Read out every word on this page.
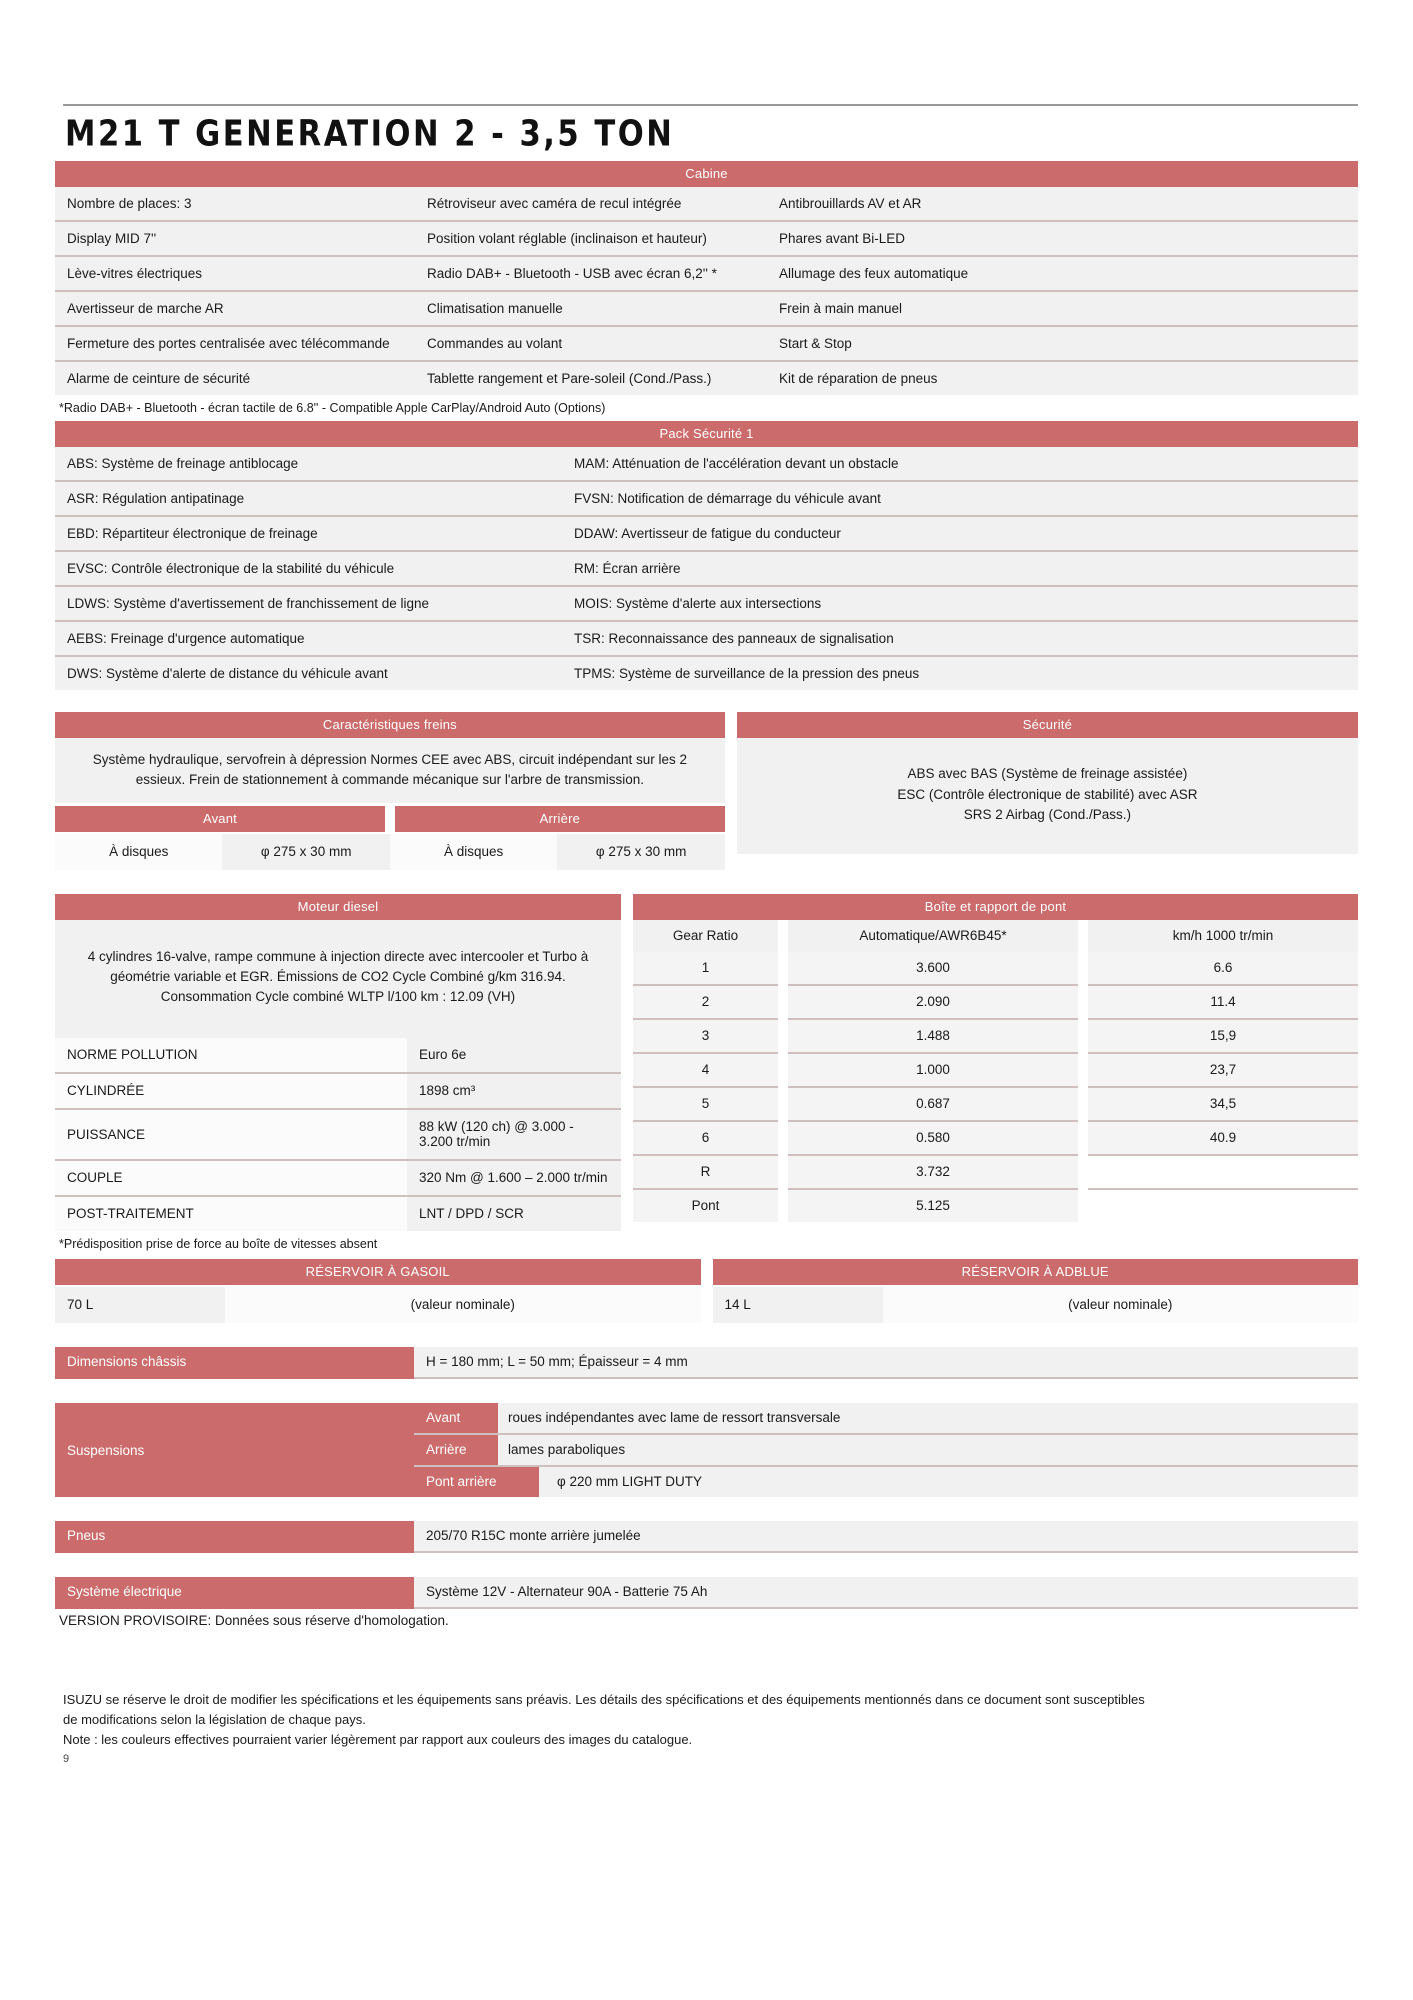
M21 T GENERATION 2 - 3,5 TON
Cabine
Nombre de places: 3	Rétroviseur avec caméra de recul intégrée	Antibrouillards AV et AR
Display MID 7''	Position volant réglable (inclinaison et hauteur)	Phares avant Bi-LED
Lève-vitres électriques	Radio DAB+ - Bluetooth - USB avec écran 6,2'' *	Allumage des feux automatique
Avertisseur de marche AR	Climatisation manuelle	Frein à main manuel
Fermeture des portes centralisée avec télécommande	Commandes au volant	Start & Stop
Alarme de ceinture de sécurité	Tablette rangement et Pare-soleil (Cond./Pass.)	Kit de réparation de pneus
*Radio DAB+ - Bluetooth - écran tactile de 6.8'' - Compatible Apple CarPlay/Android Auto (Options)
Pack Sécurité 1
ABS: Système de freinage antiblocage	MAM: Atténuation de l'accélération devant un obstacle
ASR: Régulation antipatinage	FVSN: Notification de démarrage du véhicule avant
EBD: Répartiteur électronique de freinage	DDAW: Avertisseur de fatigue du conducteur
EVSC: Contrôle électronique de la stabilité du véhicule	RM: Écran arrière
LDWS: Système d'avertissement de franchissement de ligne	MOIS: Système d'alerte aux intersections
AEBS: Freinage d'urgence automatique	TSR: Reconnaissance des panneaux de signalisation
DWS: Système d'alerte de distance du véhicule avant	TPMS: Système de surveillance de la pression des pneus
Caractéristiques freins
Système hydraulique, servofrein à dépression Normes CEE avec ABS, circuit indépendant sur les 2 essieux. Frein de stationnement à commande mécanique sur l'arbre de transmission.
Avant	Arrière
À disques	φ 275 x 30 mm	À disques	φ 275 x 30 mm
Sécurité
ABS avec BAS (Système de freinage assistée)
ESC (Contrôle électronique de stabilité) avec ASR
SRS 2 Airbag (Cond./Pass.)
Moteur diesel
4 cylindres 16-valve, rampe commune à injection directe avec intercooler et Turbo à géométrie variable et EGR. Émissions de CO2 Cycle Combiné g/km 316.94. Consommation Cycle combiné WLTP l/100 km : 12.09 (VH)
NORME POLLUTION	Euro 6e
CYLINDRÉE	1898 cm³
PUISSANCE	88 kW (120 ch) @ 3.000 - 3.200 tr/min
COUPLE	320 Nm @ 1.600 – 2.000 tr/min
POST-TRAITEMENT	LNT / DPD / SCR
Boîte et rapport de pont
Gear Ratio		Automatique/AWR6B45*		km/h 1000 tr/min
1		3.600		6.6
2		2.090		11.4
3		1.488		15,9
4		1.000		23,7
5		0.687		34,5
6		0.580		40.9
R		3.732		
Pont		5.125		
*Prédisposition prise de force au boîte de vitesses absent
RÉSERVOIR À GASOIL
70 L	(valeur nominale)
RÉSERVOIR À ADBLUE
14 L	(valeur nominale)
Dimensions châssis	H = 180 mm; L = 50 mm; Épaisseur = 4 mm
Suspensions
Avant	roues indépendantes avec lame de ressort transversale
Arrière	lames paraboliques
Pont arrière	φ 220 mm LIGHT DUTY
Pneus	205/70 R15C monte arrière jumelée
Système électrique	Système 12V - Alternateur 90A - Batterie 75 Ah
VERSION PROVISOIRE: Données sous réserve d'homologation.
ISUZU se réserve le droit de modifier les spécifications et les équipements sans préavis. Les détails des spécifications et des équipements mentionnés dans ce document sont susceptibles
de modifications selon la législation de chaque pays.
Note : les couleurs effectives pourraient varier légèrement par rapport aux couleurs des images du catalogue.
9
